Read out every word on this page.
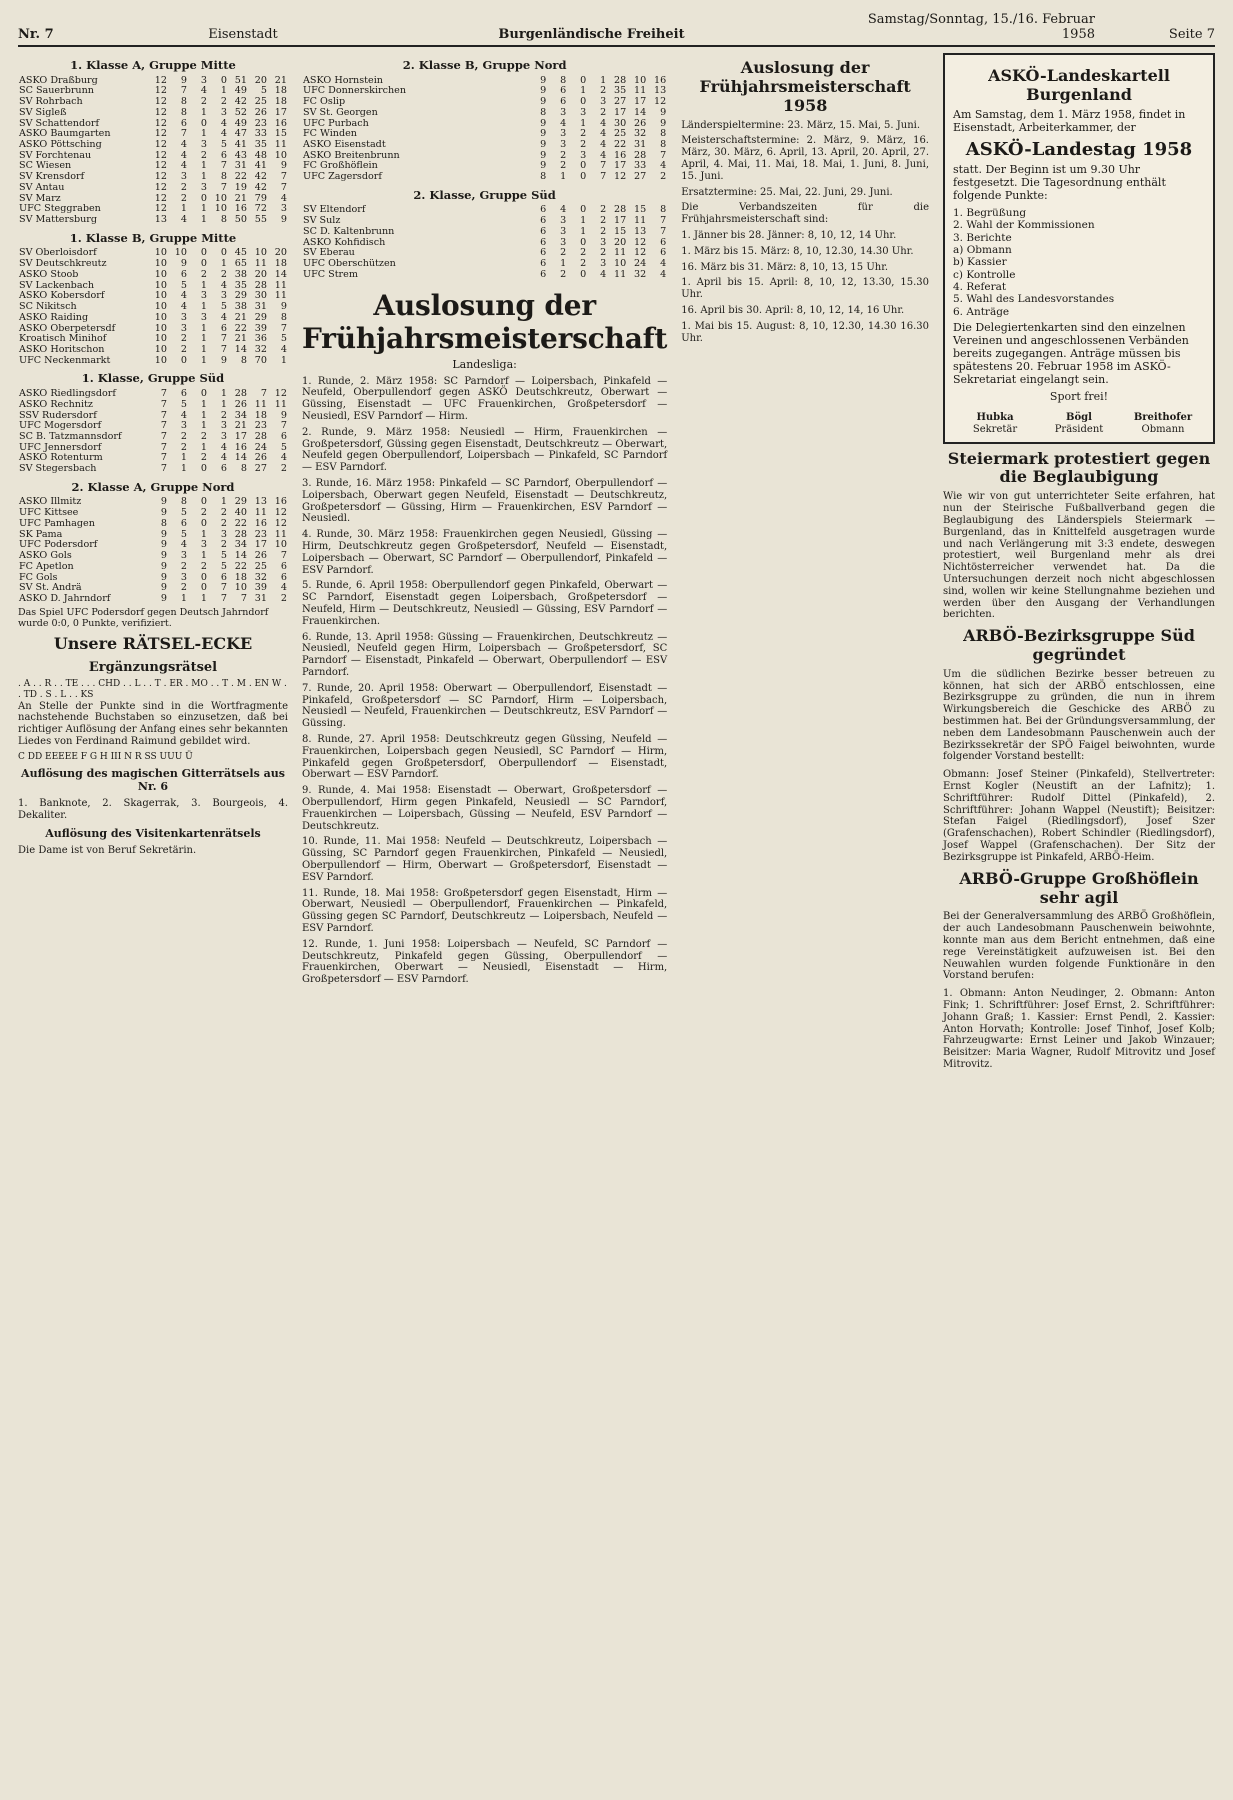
Nr. 7	Eisenstadt	Burgenländische Freiheit
Samstag/Sonntag, 15./16. Februar 1958	Seite 7
1. Klasse A, Gruppe Mitte
ASKÖ Draßburg	12	9	3	0	51	20	21
SC Sauerbrunn	12	7	4	1	49	5	18
SV Rohrbach	12	8	2	2	42	25	18
SV Sigleß	12	8	1	3	52	26	17
SV Schattendorf	12	6	0	4	49	23	16
ASKÖ Baumgarten	12	7	1	4	47	33	15
ASKÖ Pöttsching	12	4	3	5	41	35	11
SV Forchtenau	12	4	2	6	43	48	10
SC Wiesen	12	4	1	7	31	41	9
SV Krensdorf	12	3	1	8	22	42	7
SV Antau	12	2	3	7	19	42	7
SV Marz	12	2	0	10	21	79	4
UFC Steggraben	12	1	1	10	16	72	3
SV Mattersburg	13	4	1	8	50	55	9
1. Klasse B, Gruppe Mitte
SV Oberloisdorf	10	10	0	0	45	10	20
SV Deutschkreutz	10	9	0	1	65	11	18
ASKÖ Stoob	10	6	2	2	38	20	14
SV Lackenbach	10	5	1	4	35	28	11
ASKÖ Kobersdorf	10	4	3	3	29	30	11
SC Nikitsch	10	4	1	5	38	31	9
ASKÖ Raiding	10	3	3	4	21	29	8
ASKÖ Oberpetersdf	10	3	1	6	22	39	7
Kroatisch Minihof	10	2	1	7	21	36	5
ASKÖ Horitschon	10	2	1	7	14	32	4
UFC Neckenmarkt	10	0	1	9	8	70	1
1. Klasse, Gruppe Süd
ASKÖ Riedlingsdorf	7	6	0	1	28	7	12
ASKÖ Rechnitz	7	5	1	1	26	11	11
SSV Rudersdorf	7	4	1	2	34	18	9
UFC Mogersdorf	7	3	1	3	21	23	7
SC B. Tatzmannsdorf	7	2	2	3	17	28	6
UFC Jennersdorf	7	2	1	4	16	24	5
ASKÖ Rotenturm	7	1	2	4	14	26	4
SV Stegersbach	7	1	0	6	8	27	2
2. Klasse A, Gruppe Nord
ASKÖ Illmitz	9	8	0	1	29	13	16
UFC Kittsee	9	5	2	2	40	11	12
UFC Pamhagen	8	6	0	2	22	16	12
SK Pama	9	5	1	3	28	23	11
UFC Podersdorf	9	4	3	2	34	17	10
ASKÖ Gols	9	3	1	5	14	26	7
FC Apetlon	9	2	2	5	22	25	6
FC Gols	9	3	0	6	18	32	6
SV St. Andrä	9	2	0	7	10	39	4
ASKÖ D. Jahrndorf	9	1	1	7	7	31	2
Das Spiel UFC Podersdorf gegen Deutsch Jahrndorf wurde 0:0, 0 Punkte, verifiziert.
Unsere RÄTSEL-ECKE
Ergänzungsrätsel
. A . . R . . TE . . . CHD . . L . . T . ER . MO . . T . M . EN W . . TD . S . L . . KS
An Stelle der Punkte sind in die Wortfragmente nachstehende Buchstaben so einzusetzen, daß bei richtiger Auflösung der Anfang eines sehr bekannten Liedes von Ferdinand Raimund gebildet wird.
C DD EEEEE F G H III N R SS UUU Ü
Auflösung des magischen Gitterrätsels aus Nr. 6
1. Banknote, 2. Skagerrak, 3. Bourgeois, 4. Dekaliter.
Auflösung des Visitenkartenrätsels
Die Dame ist von Beruf Sekretärin.
2. Klasse B, Gruppe Nord
ASKÖ Hornstein	9	8	0	1	28	10	16
UFC Donnerskirchen	9	6	1	2	35	11	13
FC Oslip	9	6	0	3	27	17	12
SV St. Georgen	8	3	3	2	17	14	9
UFC Purbach	9	4	1	4	30	26	9
FC Winden	9	3	2	4	25	32	8
ASKÖ Eisenstadt	9	3	2	4	22	31	8
ASKÖ Breitenbrunn	9	2	3	4	16	28	7
FC Großhöflein	9	2	0	7	17	33	4
UFC Zagersdorf	8	1	0	7	12	27	2
2. Klasse, Gruppe Süd
SV Eltendorf	6	4	0	2	28	15	8
SV Sulz	6	3	1	2	17	11	7
SC D. Kaltenbrunn	6	3	1	2	15	13	7
ASKÖ Kohfidisch	6	3	0	3	20	12	6
SV Eberau	6	2	2	2	11	12	6
UFC Oberschützen	6	1	2	3	10	24	4
UFC Strem	6	2	0	4	11	32	4
Auslosung der Frühjahrsmeisterschaft
Landesliga:
1. Runde, 2. März 1958: SC Parndorf — Loipersbach, Pinkafeld — Neufeld, Oberpullendorf gegen ASKÖ Deutschkreutz, Oberwart — Güssing, Eisenstadt — UFC Frauenkirchen, Großpetersdorf — Neusiedl, ESV Parndorf — Hirm.
2. Runde, 9. März 1958: Neusiedl — Hirm, Frauenkirchen — Großpetersdorf, Güssing gegen Eisenstadt, Deutschkreutz — Oberwart, Neufeld gegen Oberpullendorf, Loipersbach — Pinkafeld, SC Parndorf — ESV Parndorf.
3. Runde, 16. März 1958: Pinkafeld — SC Parndorf, Oberpullendorf — Loipersbach, Oberwart gegen Neufeld, Eisenstadt — Deutschkreutz, Großpetersdorf — Güssing, Hirm — Frauenkirchen, ESV Parndorf — Neusiedl.
4. Runde, 30. März 1958: Frauenkirchen gegen Neusiedl, Güssing — Hirm, Deutschkreutz gegen Großpetersdorf, Neufeld — Eisenstadt, Loipersbach — Oberwart, SC Parndorf — Oberpullendorf, Pinkafeld — ESV Parndorf.
5. Runde, 6. April 1958: Oberpullendorf gegen Pinkafeld, Oberwart — SC Parndorf, Eisenstadt gegen Loipersbach, Großpetersdorf — Neufeld, Hirm — Deutschkreutz, Neusiedl — Güssing, ESV Parndorf — Frauenkirchen.
6. Runde, 13. April 1958: Güssing — Frauenkirchen, Deutschkreutz — Neusiedl, Neufeld gegen Hirm, Loipersbach — Großpetersdorf, SC Parndorf — Eisenstadt, Pinkafeld — Oberwart, Oberpullendorf — ESV Parndorf.
7. Runde, 20. April 1958: Oberwart — Oberpullendorf, Eisenstadt — Pinkafeld, Großpetersdorf — SC Parndorf, Hirm — Loipersbach, Neusiedl — Neufeld, Frauenkirchen — Deutschkreutz, ESV Parndorf — Güssing.
8. Runde, 27. April 1958: Deutschkreutz gegen Güssing, Neufeld — Frauenkirchen, Loipersbach gegen Neusiedl, SC Parndorf — Hirm, Pinkafeld gegen Großpetersdorf, Oberpullendorf — Eisenstadt, Oberwart — ESV Parndorf.
9. Runde, 4. Mai 1958: Eisenstadt — Oberwart, Großpetersdorf — Oberpullendorf, Hirm gegen Pinkafeld, Neusiedl — SC Parndorf, Frauenkirchen — Loipersbach, Güssing — Neufeld, ESV Parndorf — Deutschkreutz.
10. Runde, 11. Mai 1958: Neufeld — Deutschkreutz, Loipersbach — Güssing, SC Parndorf gegen Frauenkirchen, Pinkafeld — Neusiedl, Oberpullendorf — Hirm, Oberwart — Großpetersdorf, Eisenstadt — ESV Parndorf.
11. Runde, 18. Mai 1958: Großpetersdorf gegen Eisenstadt, Hirm — Oberwart, Neusiedl — Oberpullendorf, Frauenkirchen — Pinkafeld, Güssing gegen SC Parndorf, Deutschkreutz — Loipersbach, Neufeld — ESV Parndorf.
12. Runde, 1. Juni 1958: Loipersbach — Neufeld, SC Parndorf — Deutschkreutz, Pinkafeld gegen Güssing, Oberpullendorf — Frauenkirchen, Oberwart — Neusiedl, Eisenstadt — Hirm, Großpetersdorf — ESV Parndorf.
Auslosung der Frühjahrsmeisterschaft 1958
Länderspieltermine: 23. März, 15. Mai, 5. Juni.
Meisterschaftstermine: 2. März, 9. März, 16. März, 30. März, 6. April, 13. April, 20. April, 27. April, 4. Mai, 11. Mai, 18. Mai, 1. Juni, 8. Juni, 15. Juni.
Ersatztermine: 25. Mai, 22. Juni, 29. Juni.
Die Verbandszeiten für die Frühjahrsmeisterschaft sind:
1. Jänner bis 28. Jänner: 8, 10, 12, 14 Uhr.
1. März bis 15. März: 8, 10, 12.30, 14.30 Uhr.
16. März bis 31. März: 8, 10, 13, 15 Uhr.
1. April bis 15. April: 8, 10, 12, 13.30, 15.30 Uhr.
16. April bis 30. April: 8, 10, 12, 14, 16 Uhr.
1. Mai bis 15. August: 8, 10, 12.30, 14.30 16.30 Uhr.
ASKÖ-Landeskartell Burgenland
Am Samstag, dem 1. März 1958, findet in Eisenstadt, Arbeiterkammer, der
ASKÖ-Landestag 1958
statt. Der Beginn ist um 9.30 Uhr festgesetzt. Die Tagesordnung enthält folgende Punkte:
1. Begrüßung
2. Wahl der Kommissionen
3. Berichte
a) Obmann
b) Kassier
c) Kontrolle
4. Referat
5. Wahl des Landesvorstandes
6. Anträge
Die Delegiertenkarten sind den einzelnen Vereinen und angeschlossenen Verbänden bereits zugegangen. Anträge müssen bis spätestens 20. Februar 1958 im ASKÖ-Sekretariat eingelangt sein.
Sport frei!
Hubka
Sekretär
Bögl
Präsident
Breithofer
Obmann
Steiermark protestiert gegen die Beglaubigung

Wie wir von gut unterrichteter Seite erfahren, hat nun der Steirische Fußballverband gegen die Beglaubigung des Länderspiels Steiermark — Burgenland, das in Knittelfeld ausgetragen wurde und nach Verlängerung mit 3:3 endete, deswegen protestiert, weil Burgenland mehr als drei Nichtösterreicher verwendet hat. Da die Untersuchungen derzeit noch nicht abgeschlossen sind, wollen wir keine Stellungnahme beziehen und werden über den Ausgang der Verhandlungen berichten.

ARBÖ-Bezirksgruppe Süd gegründet

Um die südlichen Bezirke besser betreuen zu können, hat sich der ARBÖ entschlossen, eine Bezirksgruppe zu gründen, die nun in ihrem Wirkungsbereich die Geschicke des ARBÖ zu bestimmen hat. Bei der Gründungsversammlung, der neben dem Landesobmann Pauschenwein auch der Bezirkssekretär der SPÖ Faigel beiwohnten, wurde folgender Vorstand bestellt:

Obmann: Josef Steiner (Pinkafeld), Stellvertreter: Ernst Kogler (Neustift an der Lafnitz); 1. Schriftführer: Rudolf Dittel (Pinkafeld), 2. Schriftführer: Johann Wappel (Neustift); Beisitzer: Stefan Faigel (Riedlingsdorf), Josef Szer (Grafenschachen), Robert Schindler (Riedlingsdorf), Josef Wappel (Grafenschachen). Der Sitz der Bezirksgruppe ist Pinkafeld, ARBÖ-Heim.

ARBÖ-Gruppe Großhöflein sehr agil

Bei der Generalversammlung des ARBÖ Großhöflein, der auch Landesobmann Pauschenwein beiwohnte, konnte man aus dem Bericht entnehmen, daß eine rege Vereinstätigkeit aufzuweisen ist. Bei den Neuwahlen wurden folgende Funktionäre in den Vorstand berufen:

1. Obmann: Anton Neudinger, 2. Obmann: Anton Fink; 1. Schriftführer: Josef Ernst, 2. Schriftführer: Johann Graß; 1. Kassier: Ernst Pendl, 2. Kassier: Anton Horvath; Kontrolle: Josef Tinhof, Josef Kolb; Fahrzeugwarte: Ernst Leiner und Jakob Winzauer; Beisitzer: Maria Wagner, Rudolf Mitrovitz und Josef Mitrovitz.
